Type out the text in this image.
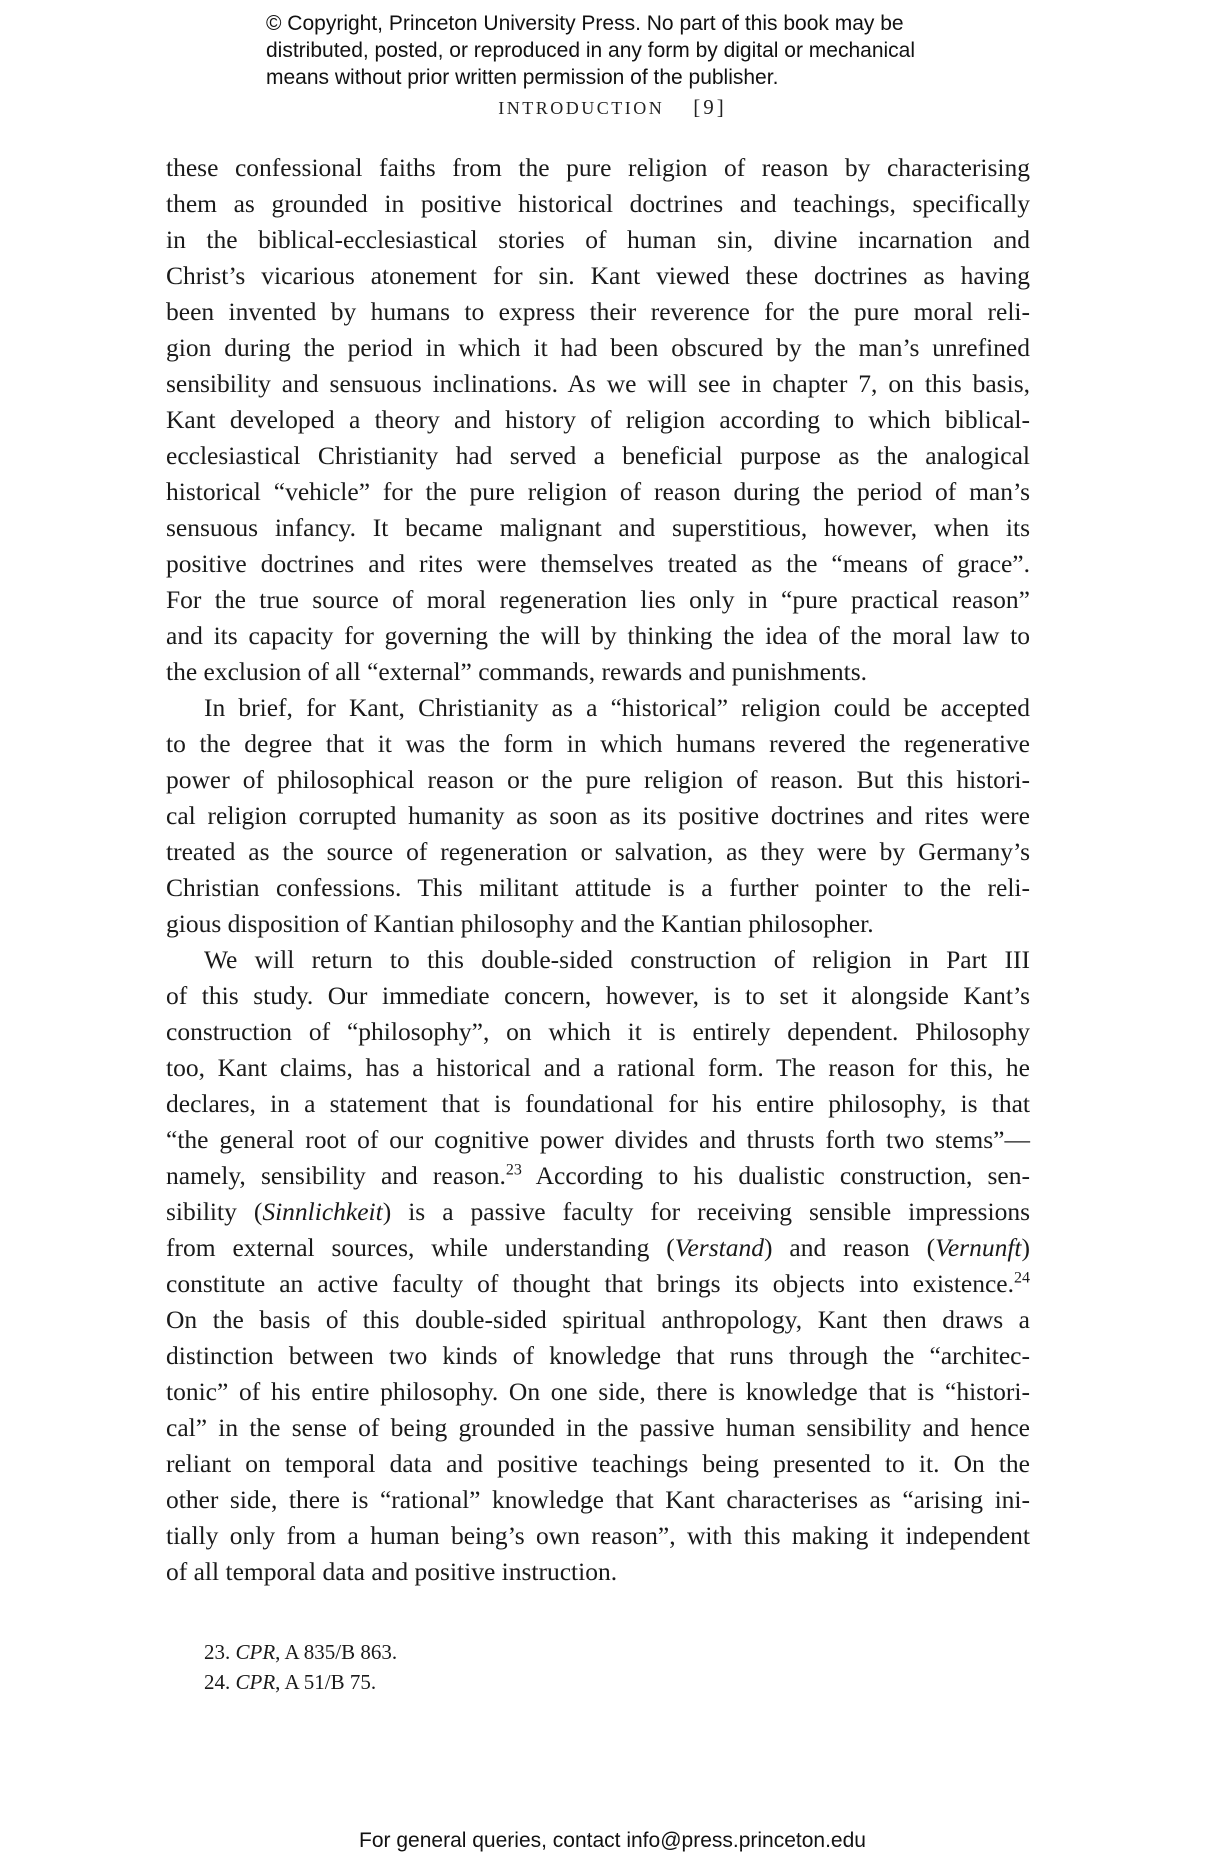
© Copyright, Princeton University Press. No part of this book may be
distributed, posted, or reproduced in any form by digital or mechanical
means without prior written permission of the publisher.
INTRODUCTION [9]
these confessional faiths from the pure religion of reason by characterising
them as grounded in positive historical doctrines and teachings, specifically
in the biblical-ecclesiastical stories of human sin, divine incarnation and
Christ’s vicarious atonement for sin. Kant viewed these doctrines as having
been invented by humans to express their reverence for the pure moral reli-
gion during the period in which it had been obscured by the man’s unrefined
sensibility and sensuous inclinations. As we will see in chapter 7, on this basis,
Kant developed a theory and history of religion according to which biblical-
ecclesiastical Christianity had served a beneficial purpose as the analogical
historical “vehicle” for the pure religion of reason during the period of man’s
sensuous infancy. It became malignant and superstitious, however, when its
positive doctrines and rites were themselves treated as the “means of grace”.
For the true source of moral regeneration lies only in “pure practical reason”
and its capacity for governing the will by thinking the idea of the moral law to
the exclusion of all “external” commands, rewards and punishments.
In brief, for Kant, Christianity as a “historical” religion could be accepted
to the degree that it was the form in which humans revered the regenerative
power of philosophical reason or the pure religion of reason. But this histori-
cal religion corrupted humanity as soon as its positive doctrines and rites were
treated as the source of regeneration or salvation, as they were by Germany’s
Christian confessions. This militant attitude is a further pointer to the reli-
gious disposition of Kantian philosophy and the Kantian philosopher.
We will return to this double-sided construction of religion in Part III
of this study. Our immediate concern, however, is to set it alongside Kant’s
construction of “philosophy”, on which it is entirely dependent. Philosophy
too, Kant claims, has a historical and a rational form. The reason for this, he
declares, in a statement that is foundational for his entire philosophy, is that
“the general root of our cognitive power divides and thrusts forth two stems”—
namely, sensibility and reason.$^{23}$ According to his dualistic construction, sen-
sibility (Sinnlichkeit) is a passive faculty for receiving sensible impressions
from external sources, while understanding (Verstand) and reason (Vernunft)
constitute an active faculty of thought that brings its objects into existence.$^{24}$
On the basis of this double-sided spiritual anthropology, Kant then draws a
distinction between two kinds of knowledge that runs through the “architec-
tonic” of his entire philosophy. On one side, there is knowledge that is “histori-
cal” in the sense of being grounded in the passive human sensibility and hence
reliant on temporal data and positive teachings being presented to it. On the
other side, there is “rational” knowledge that Kant characterises as “arising ini-
tially only from a human being’s own reason”, with this making it independent
of all temporal data and positive instruction.
23. CPR, A 835/B 863.
24. CPR, A 51/B 75.
For general queries, contact info@press.princeton.edu
